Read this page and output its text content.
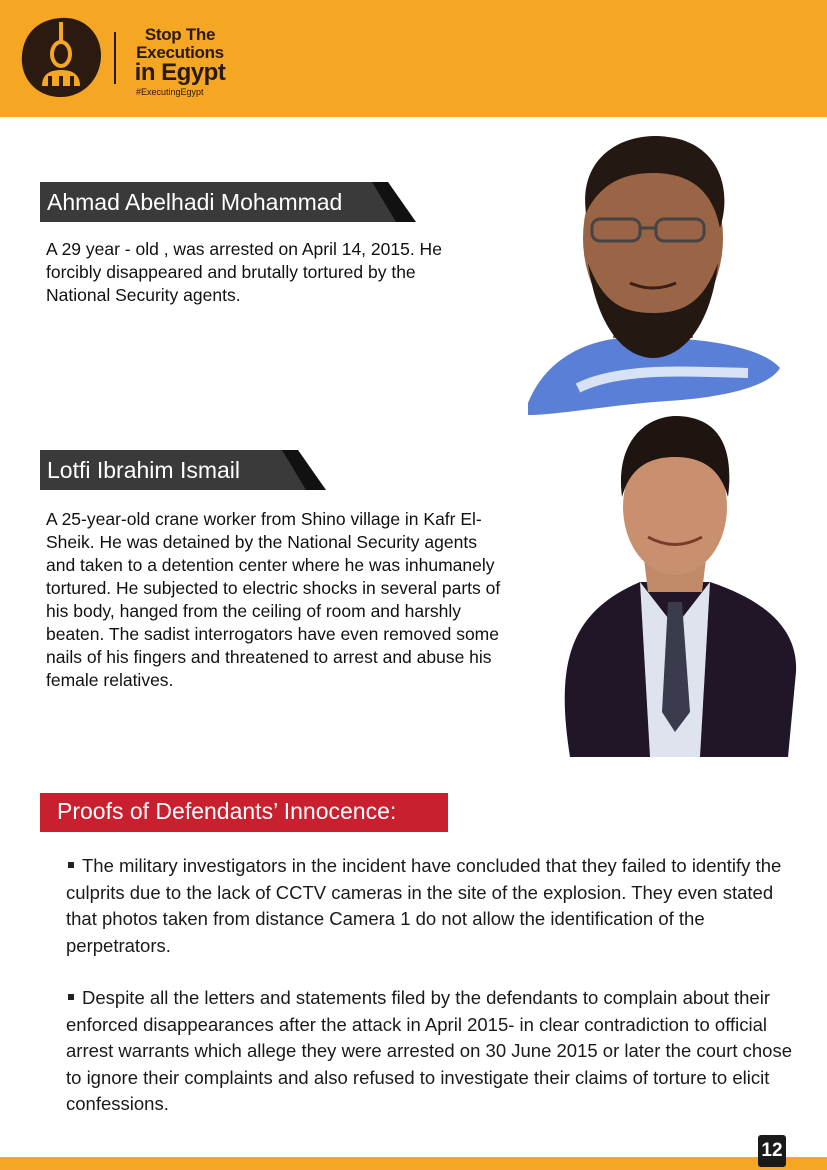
Stop The
Executions
in Egypt
#ExecutingEgypt
Ahmad Abelhadi Mohammad
A 29 year - old , was arrested on April 14, 2015. He forcibly disappeared and brutally tortured by the National Security agents.
Lotfi Ibrahim Ismail
A 25-year-old crane worker from Shino village in Kafr El-Sheik. He was detained by the National Security agents and taken to a detention center where he was inhumanely tortured. He subjected to electric shocks in several parts of his body, hanged from the ceiling of room and harshly beaten. The sadist interrogators have even removed some nails of his fingers and threatened to arrest and abuse his female relatives.
Proofs of Defendants’ Innocence:
The military investigators in the incident have concluded that they failed to identify the culprits due to the lack of CCTV cameras in the site of the explosion. They even stated that photos taken from distance Camera 1 do not allow the identification of the perpetrators.
Despite all the letters and statements filed by the defendants to complain about their enforced disappearances after the attack in April 2015- in clear contradiction to official arrest warrants which allege they were arrested on 30 June 2015 or later the court chose to ignore their complaints and also refused to investigate their claims of torture to elicit confessions.
12
